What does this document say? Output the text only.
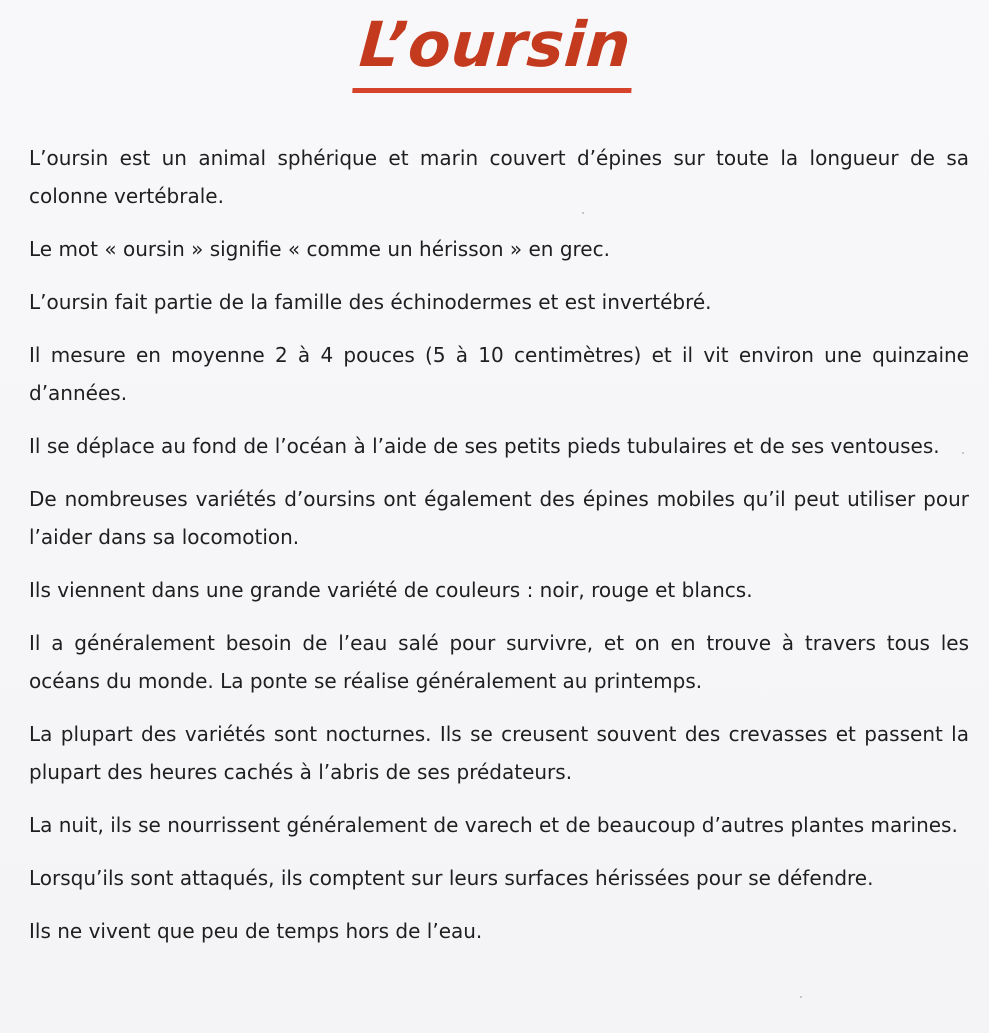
L’oursin

L’oursin est un animal sphérique et marin couvert d’épines sur toute la longueur de sa colonne vertébrale.

Le mot « oursin » signifie « comme un hérisson » en grec.

L’oursin fait partie de la famille des échinodermes et est invertébré.

Il mesure en moyenne 2 à 4 pouces (5 à 10 centimètres) et il vit environ une quinzaine d’années.

Il se déplace au fond de l’océan à l’aide de ses petits pieds tubulaires et de ses ventouses.

De nombreuses variétés d’oursins ont également des épines mobiles qu’il peut utiliser pour l’aider dans sa locomotion.

Ils viennent dans une grande variété de couleurs : noir, rouge et blancs.

Il a généralement besoin de l’eau salé pour survivre, et on en trouve à travers tous les océans du monde. La ponte se réalise généralement au printemps.

La plupart des variétés sont nocturnes. Ils se creusent souvent des crevasses et passent la plupart des heures cachés à l’abris de ses prédateurs.

La nuit, ils se nourrissent généralement de varech et de beaucoup d’autres plantes marines.

Lorsqu’ils sont attaqués, ils comptent sur leurs surfaces hérissées pour se défendre.

Ils ne vivent que peu de temps hors de l’eau.
